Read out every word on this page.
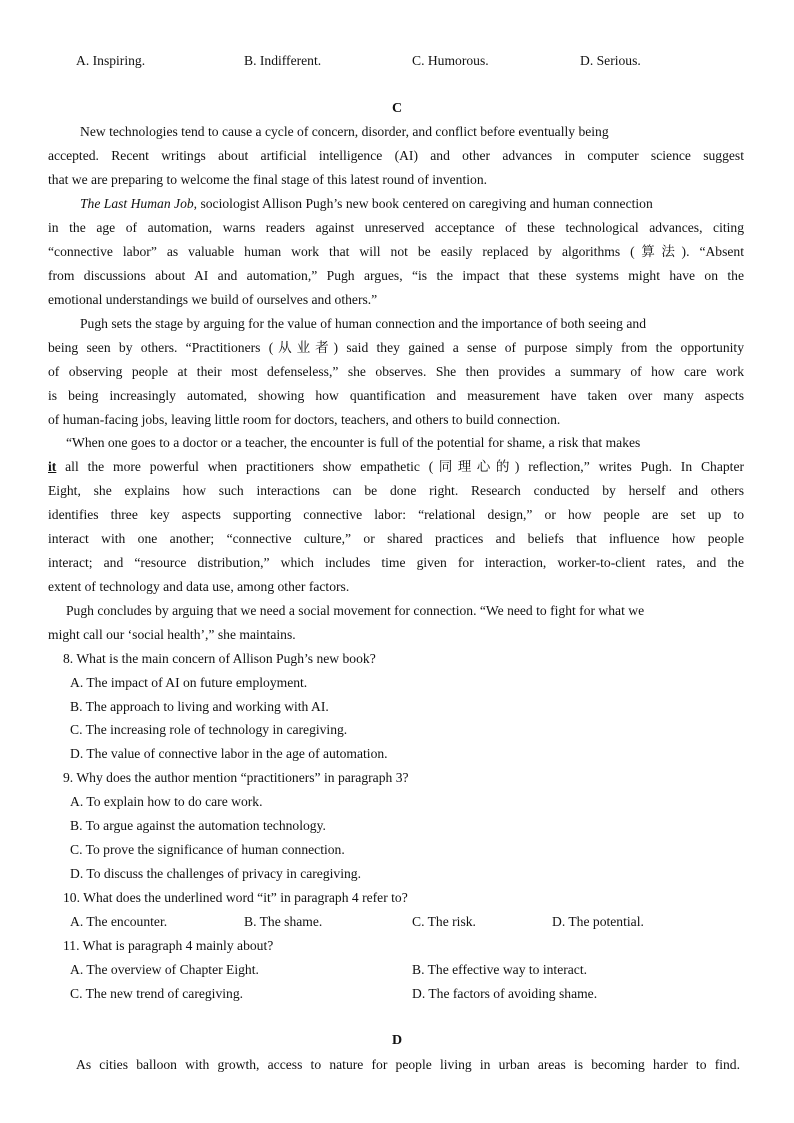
A. Inspiring.	B. Indifferent.	C. Humorous.	D. Serious.
C
New technologies tend to cause a cycle of concern, disorder, and conflict before eventually being
accepted. Recent writings about artificial intelligence (AI) and other advances in computer science suggest
that we are preparing to welcome the final stage of this latest round of invention.
The Last Human Job, sociologist Allison Pugh’s new book centered on caregiving and human connection
in the age of automation, warns readers against unreserved acceptance of these technological advances, citing
“connective labor” as valuable human work that will not be easily replaced by algorithms (算法). “Absent
from discussions about AI and automation,” Pugh argues, “is the impact that these systems might have on the
emotional understandings we build of ourselves and others.”
Pugh sets the stage by arguing for the value of human connection and the importance of both seeing and
being seen by others. “Practitioners (从业者) said they gained a sense of purpose simply from the opportunity
of observing people at their most defenseless,” she observes. She then provides a summary of how care work
is being increasingly automated, showing how quantification and measurement have taken over many aspects
of human-facing jobs, leaving little room for doctors, teachers, and others to build connection.
“When one goes to a doctor or a teacher, the encounter is full of the potential for shame, a risk that makes
it all the more powerful when practitioners show empathetic (同理心的) reflection,” writes Pugh. In Chapter
Eight, she explains how such interactions can be done right. Research conducted by herself and others
identifies three key aspects supporting connective labor: “relational design,” or how people are set up to
interact with one another; “connective culture,” or shared practices and beliefs that influence how people
interact; and “resource distribution,” which includes time given for interaction, worker-to-client rates, and the
extent of technology and data use, among other factors.
Pugh concludes by arguing that we need a social movement for connection. “We need to fight for what we
might call our ‘social health’,” she maintains.
8. What is the main concern of Allison Pugh’s new book?
A. The impact of AI on future employment.
B. The approach to living and working with AI.
C. The increasing role of technology in caregiving.
D. The value of connective labor in the age of automation.
9. Why does the author mention “practitioners” in paragraph 3?
A. To explain how to do care work.
B. To argue against the automation technology.
C. To prove the significance of human connection.
D. To discuss the challenges of privacy in caregiving.
10. What does the underlined word “it” in paragraph 4 refer to?
A. The encounter.	B. The shame.	C. The risk.	D. The potential.
11. What is paragraph 4 mainly about?
A. The overview of Chapter Eight.	B. The effective way to interact.
C. The new trend of caregiving.	D. The factors of avoiding shame.
D
As cities balloon with growth, access to nature for people living in urban areas is becoming harder to find.
